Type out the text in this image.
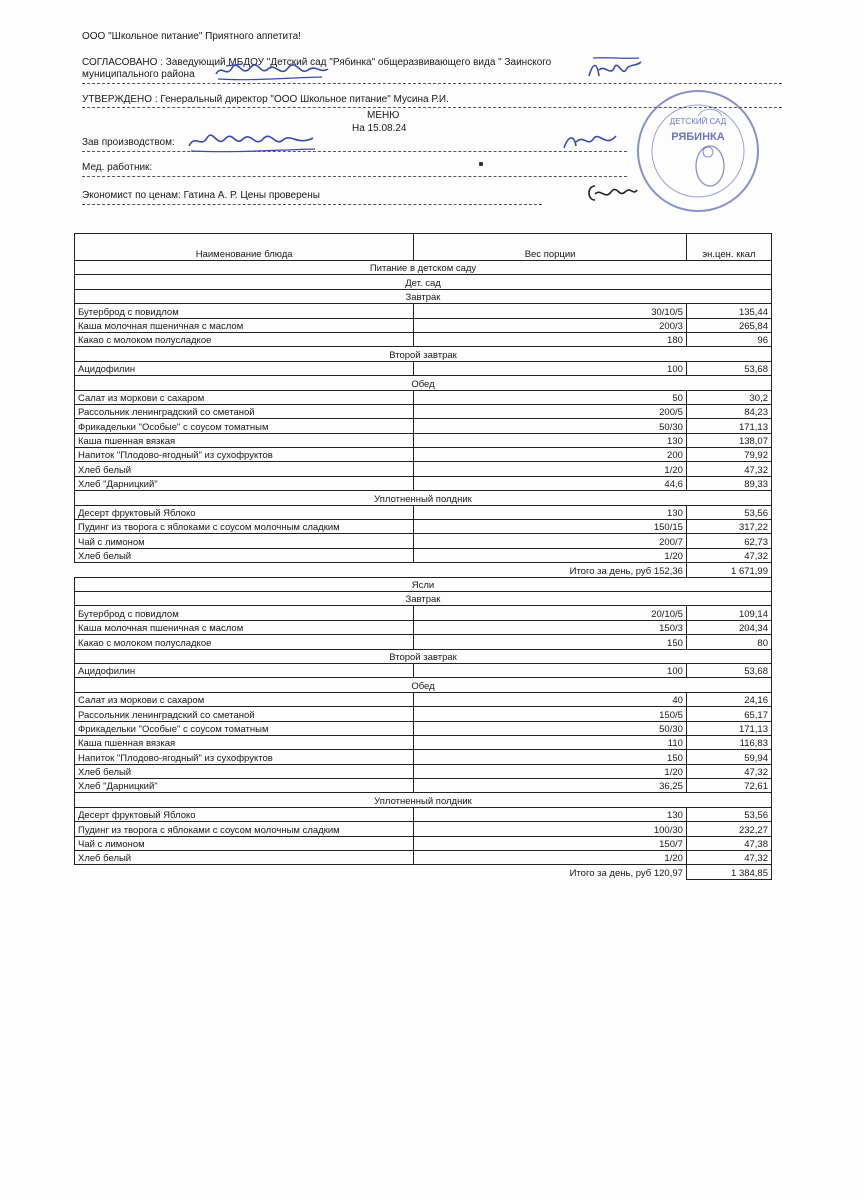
ООО "Школьное питание" Приятного аппетита!
СОГЛАСОВАНО : Заведующий МБДОУ "Детский сад "Рябинка" общеразвивающего вида " Заинского
муниципального района
УТВЕРЖДЕНО : Генеральный директор "ООО Школьное питание" Мусина Р.И.
МЕНЮ
На 15.08.24
Зав производством:
Мед. работник:
Экономист по ценам: Гатина А. Р. Цены проверены
ДЕТСКИЙ САД
РЯБИНКА
Наименование блюда	Вес порции	эн.цен. ккал
Питание в детском саду		
Дет. сад		
Завтрак		
Бутерброд с повидлом	30/10/5	135,44
Каша молочная пшеничная с маслом	200/3	265,84
Какао с молоком полусладкое	180	96
Второй завтрак		
Ацидофилин	100	53,68
Обед		
Салат из моркови с сахаром	50	30,2
Рассольник ленинградский со сметаной	200/5	84,23
Фрикадельки "Особые" с соусом томатным	50/30	171,13
Каша пшенная вязкая	130	138,07
Напиток "Плодово-ягодный" из сухофруктов	200	79,92
Хлеб белый	1/20	47,32
Хлеб "Дарницкий"	44,6	89,33
Уплотненный полдник		
Десерт фруктовый Яблоко	130	53,56
Пудинг из творога с яблоками с соусом молочным сладким	150/15	317,22
Чай с лимоном	200/7	62,73
Хлеб белый	1/20	47,32
Итого за день, руб 152,36		1 671,99
Ясли		
Завтрак		
Бутерброд с повидлом	20/10/5	109,14
Каша молочная пшеничная с маслом	150/3	204,34
Какао с молоком полусладкое	150	80
Второй завтрак		
Ацидофилин	100	53,68
Обед		
Салат из моркови с сахаром	40	24,16
Рассольник ленинградский со сметаной	150/5	65,17
Фрикадельки "Особые" с соусом томатным	50/30	171,13
Каша пшенная вязкая	110	116,83
Напиток "Плодово-ягодный" из сухофруктов	150	59,94
Хлеб белый	1/20	47,32
Хлеб "Дарницкий"	36,25	72,61
Уплотненный полдник		
Десерт фруктовый Яблоко	130	53,56
Пудинг из творога с яблоками с соусом молочным сладким	100/30	232,27
Чай с лимоном	150/7	47,38
Хлеб белый	1/20	47,32
Итого за день, руб 120,97		1 384,85
